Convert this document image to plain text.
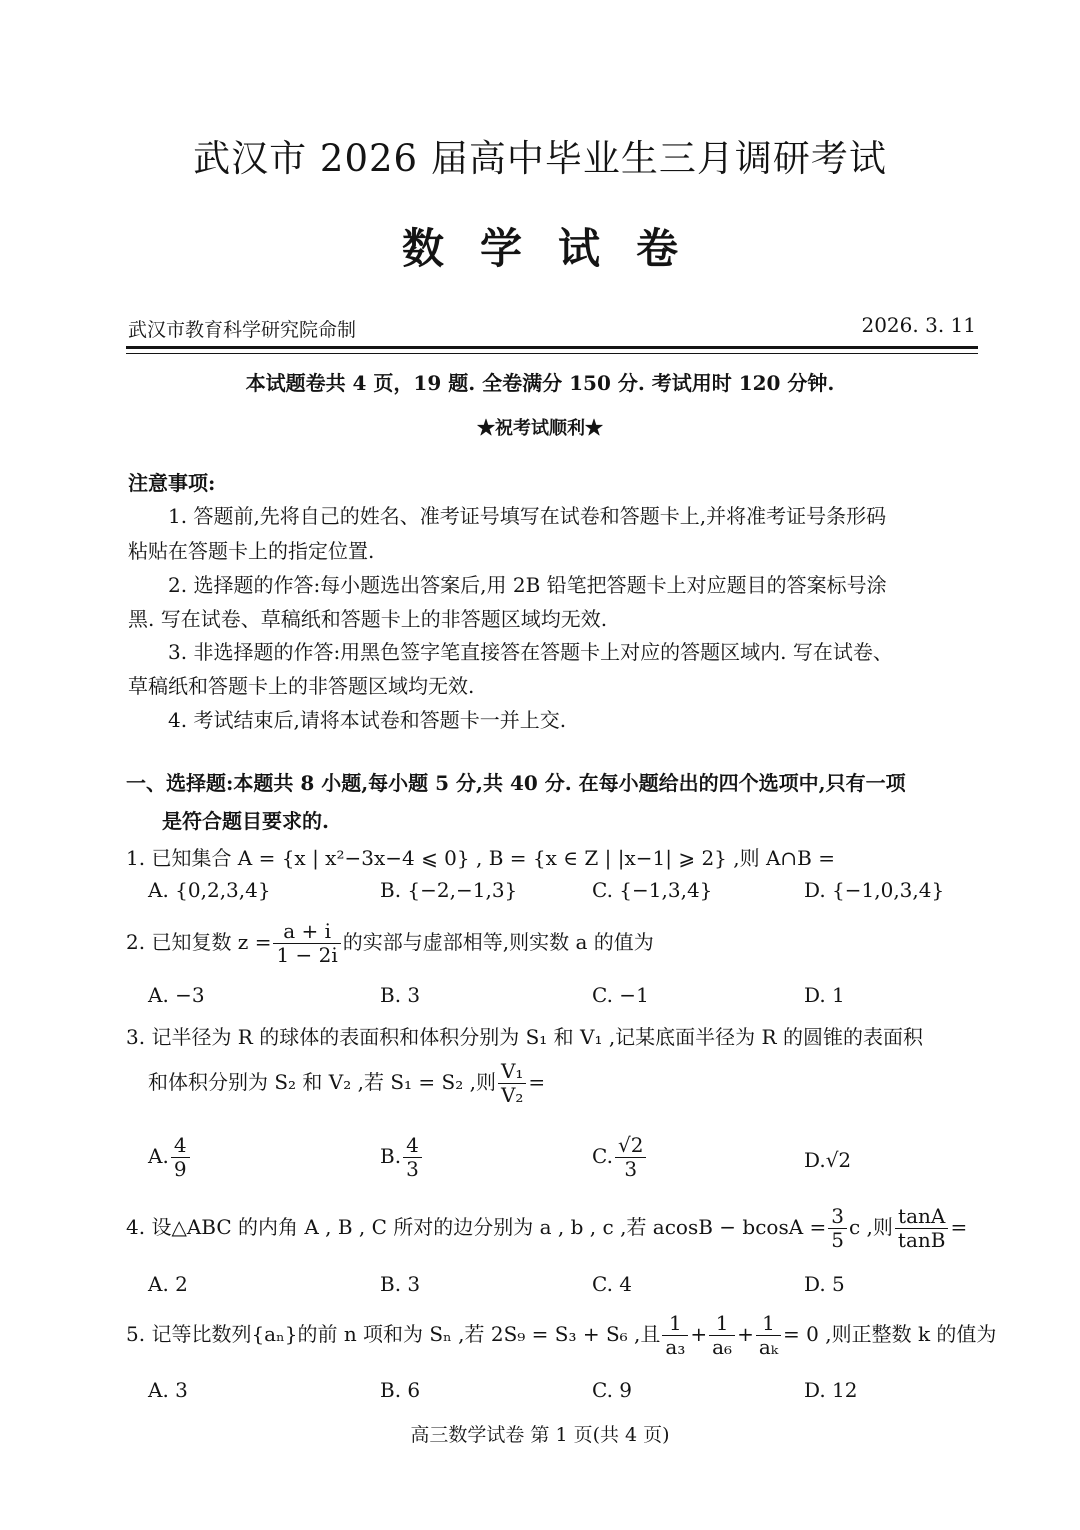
武汉市 2026 届高中毕业生三月调研考试
数学试卷
武汉市教育科学研究院命制	2026. 3. 11
本试题卷共 4 页，19 题. 全卷满分 150 分. 考试用时 120 分钟.
★祝考试顺利★
注意事项:
1. 答题前,先将自己的姓名、准考证号填写在试卷和答题卡上,并将准考证号条形码
粘贴在答题卡上的指定位置.
2. 选择题的作答:每小题选出答案后,用 2B 铅笔把答题卡上对应题目的答案标号涂
黑. 写在试卷、草稿纸和答题卡上的非答题区域均无效.
3. 非选择题的作答:用黑色签字笔直接答在答题卡上对应的答题区域内. 写在试卷、
草稿纸和答题卡上的非答题区域均无效.
4. 考试结束后,请将本试卷和答题卡一并上交.
一、选择题:本题共 8 小题,每小题 5 分,共 40 分. 在每小题给出的四个选项中,只有一项
是符合题目要求的.
1. 已知集合 A = {x | x²−3x−4 ⩽ 0} , B = {x ∈ Z | |x−1| ⩾ 2} ,则 A∩B =
A. {0,2,3,4}	B. {−2,−1,3}	C. {−1,3,4}	D. {−1,0,3,4}
2. 已知复数 $z = \frac{a + i}{1 - 2i}$ 的实部与虚部相等,则实数 a 的值为
A. −3	B. 3	C. −1	D. 1
3. 记半径为 R 的球体的表面积和体积分别为 S₁ 和 V₁ ,记某底面半径为 R 的圆锥的表面积
和体积分别为 S₂ 和 V₂ ,若 S₁ = S₂ ,则 $\frac{\text{V₁}}{\text{V₂}}$ =
A. $\frac{4}{9}$	B. $\frac{4}{3}$	C. $\frac{√2}{3}$	D.√2
4. 设△ABC 的内角 A , B , C 所对的边分别为 a , b , c ,若 $acosB - bcosA = \frac{3}{5}$ c ,则 $\frac{\tan A}{\tan B}$ =
A. 2	B. 3	C. 4	D. 5
5. 记等比数列{aₙ}的前 n 项和为 Sₙ ,若 2S₉ = S₃ + S₆ ,且 $\frac{1}{\text{a₃}} + \frac{1}{\text{a₆}} + \frac{1}{\text{aₖ}} = 0$ ,则正整数 k 的值为
A. 3	B. 6	C. 9	D. 12
高三数学试卷 第 1 页(共 4 页)
